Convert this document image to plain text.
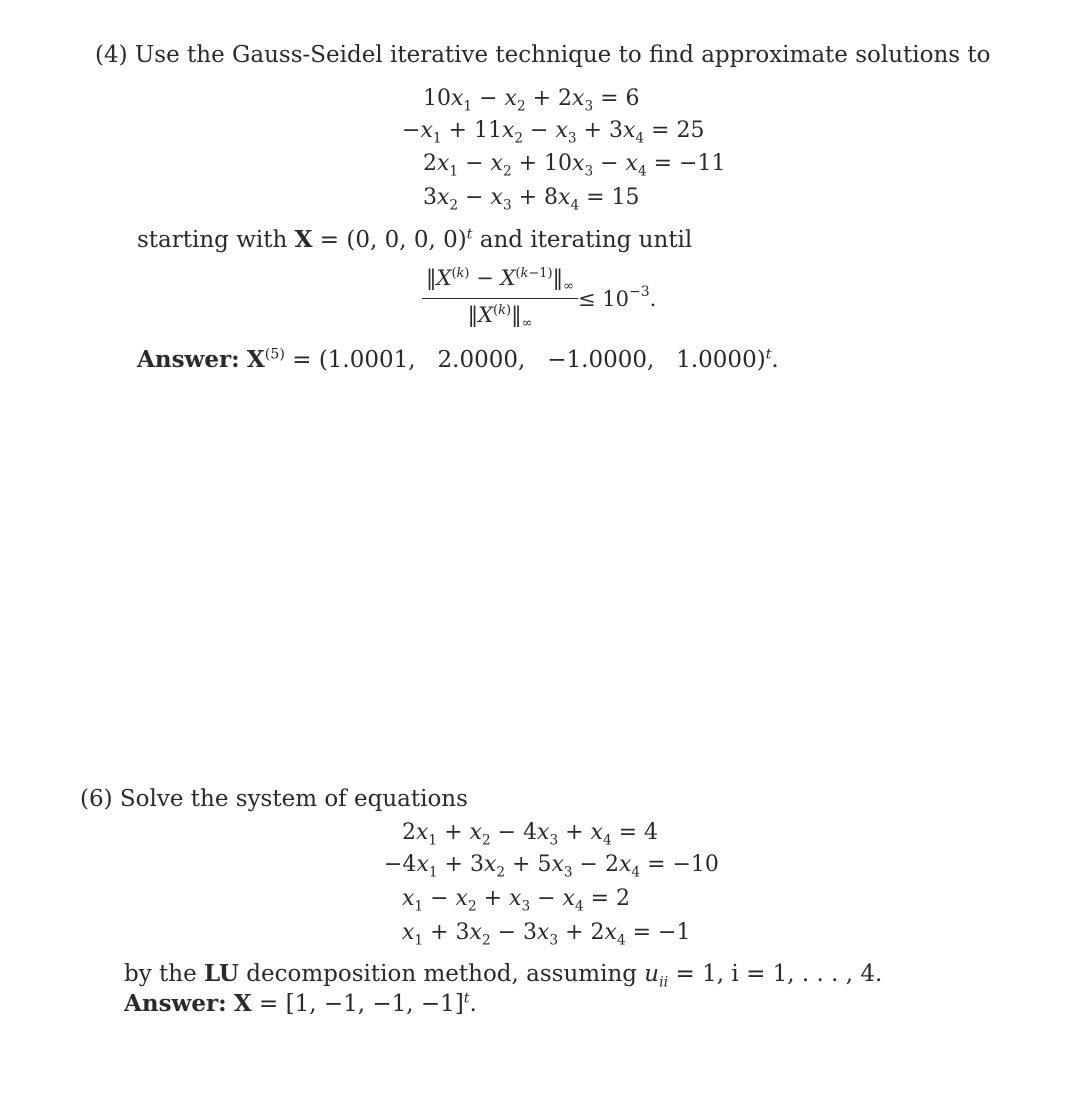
(4) Use the Gauss-Seidel iterative technique to find approximate solutions to
$10x_1 - x_2 + 2x_3 = 6$
$-x_1 + 11x_2 - x_3 + 3x_4 = 25$
$2x_1 - x_2 + 10x_3 - x_4 = -11$
$3x_2 - x_3 + 8x_4 = 15$
starting with X = (0, 0, 0, 0)$^t$ and iterating until
$\frac{‖X^{(k)} - X^{(k-1)}‖_\infty}{‖X^{(k)}‖_\infty} \le 10 -3$ .
Answer: $X^{(5)} = (1.0001$,   2.0000,   −1.0000,   1.0000)$^t$.
(6) Solve the system of equations
$2x_1 + x_2 - 4x_3 + x_4 = 4$
$-4x_1 + 3x_2 + 5x_3 - 2x_4 = -10$
$x_1 - x_2 + x_3 - x_4 = 2$
$x_1 + 3x_2 - 3x_3 + 2x_4 = -1$
by the LU decomposition method, assuming $u_{ii} = 1$, i = 1, . . . , 4.
Answer: X = [1, −1, −1, −1]$^t$.
